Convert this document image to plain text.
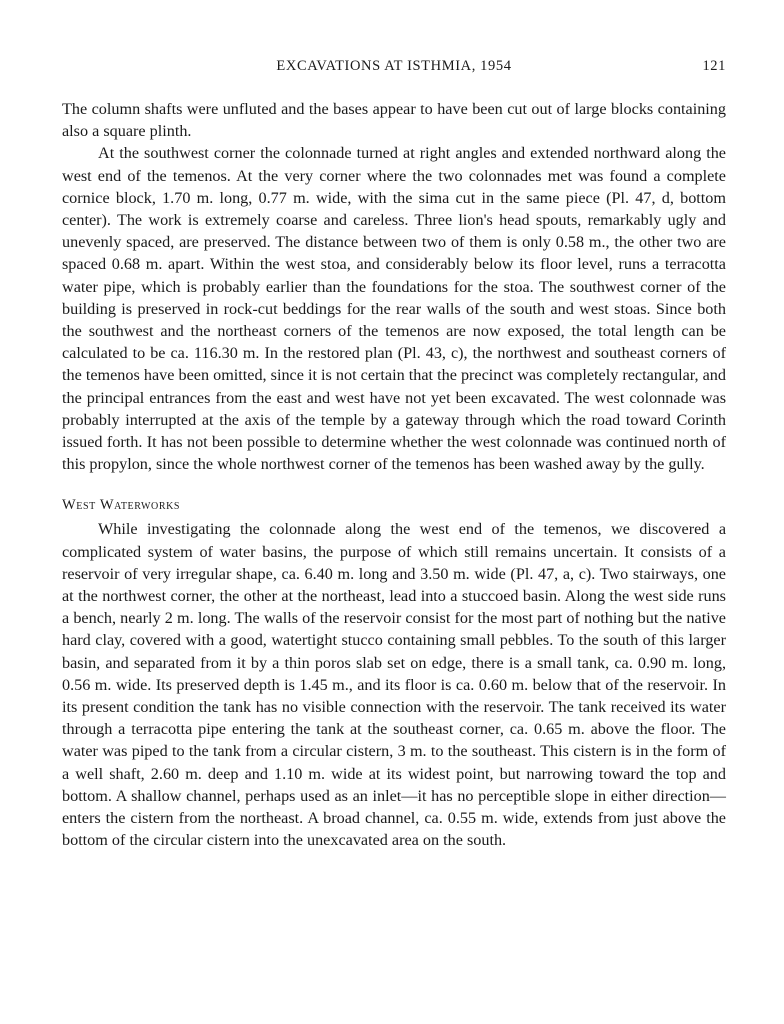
EXCAVATIONS AT ISTHMIA, 1954	121

The column shafts were unfluted and the bases appear to have been cut out of large blocks containing also a square plinth.

At the southwest corner the colonnade turned at right angles and extended northward along the west end of the temenos. At the very corner where the two colonnades met was found a complete cornice block, 1.70 m. long, 0.77 m. wide, with the sima cut in the same piece (Pl. 47, d, bottom center). The work is extremely coarse and careless. Three lion's head spouts, remarkably ugly and unevenly spaced, are preserved. The distance between two of them is only 0.58 m., the other two are spaced 0.68 m. apart. Within the west stoa, and considerably below its floor level, runs a terracotta water pipe, which is probably earlier than the foundations for the stoa. The southwest corner of the building is preserved in rock-cut beddings for the rear walls of the south and west stoas. Since both the southwest and the northeast corners of the temenos are now exposed, the total length can be calculated to be ca. 116.30 m. In the restored plan (Pl. 43, c), the northwest and southeast corners of the temenos have been omitted, since it is not certain that the precinct was completely rectangular, and the principal entrances from the east and west have not yet been excavated. The west colonnade was probably interrupted at the axis of the temple by a gateway through which the road toward Corinth issued forth. It has not been possible to determine whether the west colonnade was continued north of this propylon, since the whole northwest corner of the temenos has been washed away by the gully.

West Waterworks

While investigating the colonnade along the west end of the temenos, we discovered a complicated system of water basins, the purpose of which still remains uncertain. It consists of a reservoir of very irregular shape, ca. 6.40 m. long and 3.50 m. wide (Pl. 47, a, c). Two stairways, one at the northwest corner, the other at the northeast, lead into a stuccoed basin. Along the west side runs a bench, nearly 2 m. long. The walls of the reservoir consist for the most part of nothing but the native hard clay, covered with a good, watertight stucco containing small pebbles. To the south of this larger basin, and separated from it by a thin poros slab set on edge, there is a small tank, ca. 0.90 m. long, 0.56 m. wide. Its preserved depth is 1.45 m., and its floor is ca. 0.60 m. below that of the reservoir. In its present condition the tank has no visible connection with the reservoir. The tank received its water through a terracotta pipe entering the tank at the southeast corner, ca. 0.65 m. above the floor. The water was piped to the tank from a circular cistern, 3 m. to the southeast. This cistern is in the form of a well shaft, 2.60 m. deep and 1.10 m. wide at its widest point, but narrowing toward the top and bottom. A shallow channel, perhaps used as an inlet—it has no perceptible slope in either direction—enters the cistern from the northeast. A broad channel, ca. 0.55 m. wide, extends from just above the bottom of the circular cistern into the unexcavated area on the south.
